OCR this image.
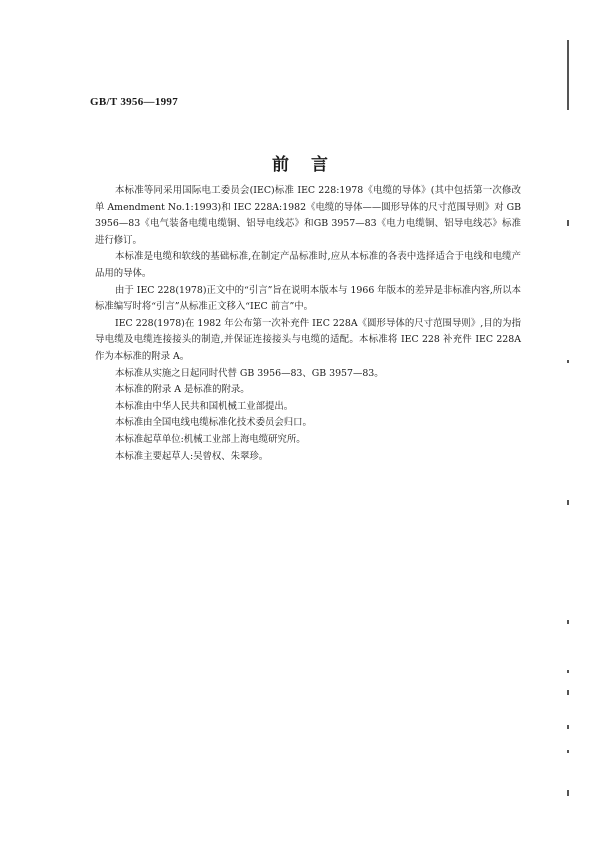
GB/T 3956—1997
前言

本标准等同采用国际电工委员会(IEC)标准 IEC 228:1978《电缆的导体》(其中包括第一次修改单 Amendment No.1:1993)和 IEC 228A:1982《电缆的导体——圆形导体的尺寸范围导则》对 GB 3956—83《电气装备电缆电缆铜、铝导电线芯》和GB 3957—83《电力电缆铜、铝导电线芯》标准进行修订。

本标准是电缆和软线的基础标准,在制定产品标准时,应从本标准的各表中选择适合于电线和电缆产品用的导体。

由于 IEC 228(1978)正文中的“引言”旨在说明本版本与 1966 年版本的差异是非标准内容,所以本标准编写时将“引言”从标准正文移入“IEC 前言”中。

IEC 228(1978)在 1982 年公布第一次补充件 IEC 228A《圆形导体的尺寸范围导则》,目的为指导电缆及电缆连接接头的制造,并保证连接接头与电缆的适配。本标准将 IEC 228 补充件 IEC 228A 作为本标准的附录 A。

本标准从实施之日起同时代替 GB 3956—83、GB 3957—83。

本标准的附录 A 是标准的附录。

本标准由中华人民共和国机械工业部提出。

本标准由全国电线电缆标准化技术委员会归口。

本标准起草单位:机械工业部上海电缆研究所。

本标准主要起草人:吴曾权、朱翠珍。
